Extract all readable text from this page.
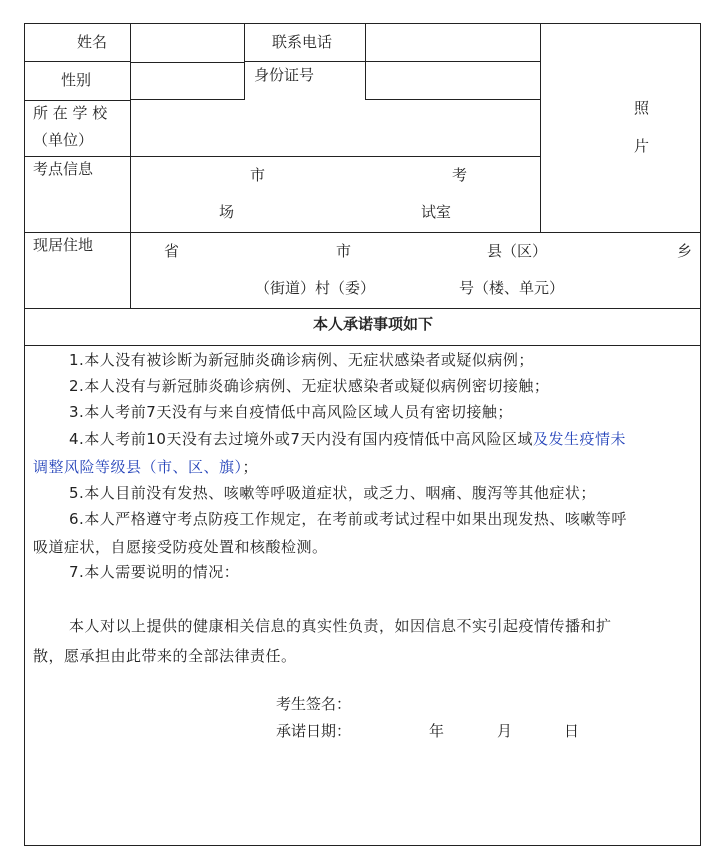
姓名	联系电话
性别	身份证号
所 在 学 校
（单位）
照
片
考点信息	市	考
场	试室
现居住地	省	市	县（区）	乡
（街道）村（委）	号（楼、单元）
本人承诺事项如下
1.本人没有被诊断为新冠肺炎确诊病例、无症状感染者或疑似病例；
2.本人没有与新冠肺炎确诊病例、无症状感染者或疑似病例密切接触；
3.本人考前7天没有与来自疫情低中高风险区域人员有密切接触；
4.本人考前10天没有去过境外或7天内没有国内疫情低中高风险区域及发生疫情未
调整风险等级县（市、区、旗）；
5.本人目前没有发热、咳嗽等呼吸道症状，或乏力、咽痛、腹泻等其他症状；
6.本人严格遵守考点防疫工作规定，在考前或考试过程中如果出现发热、咳嗽等呼
吸道症状，自愿接受防疫处置和核酸检测。
7.本人需要说明的情况：
本人对以上提供的健康相关信息的真实性负责，如因信息不实引起疫情传播和扩
散，愿承担由此带来的全部法律责任。
考生签名：
承诺日期：	年	月	日
